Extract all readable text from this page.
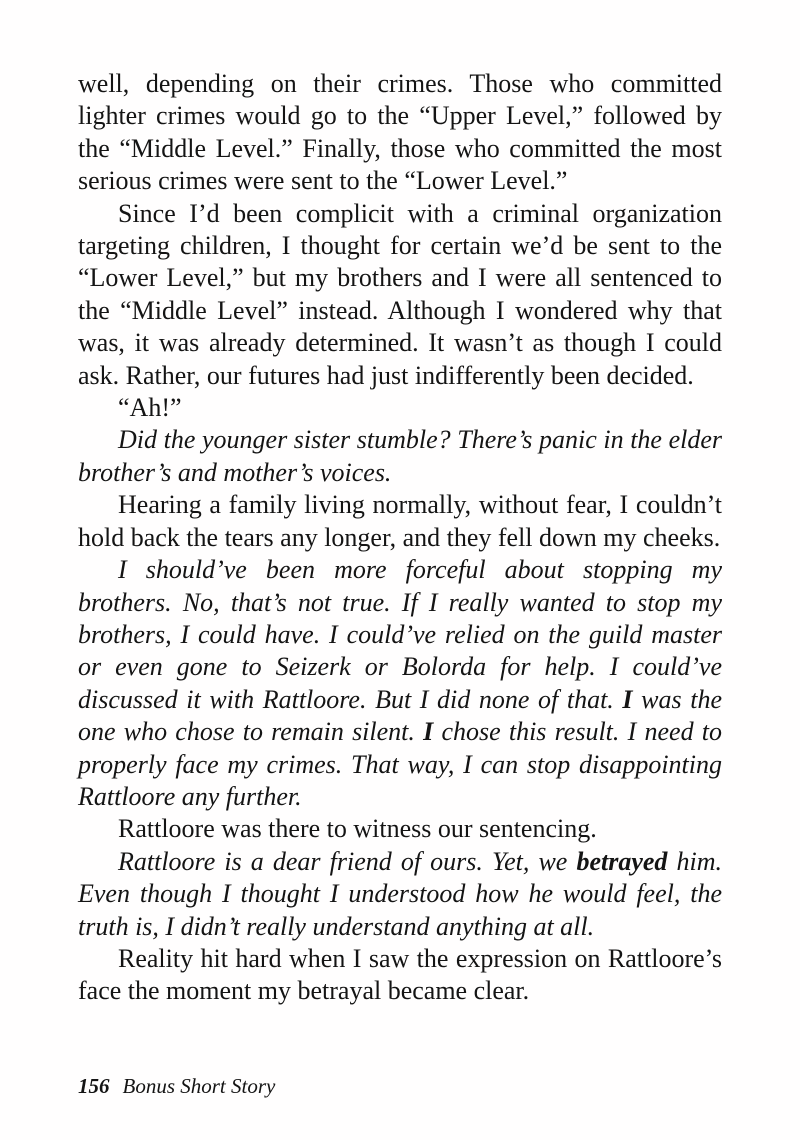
well, depending on their crimes. Those who committed lighter crimes would go to the “Upper Level,” followed by the “Middle Level.” Finally, those who committed the most serious crimes were sent to the “Lower Level.”

Since I’d been complicit with a criminal organization targeting children, I thought for certain we’d be sent to the “Lower Level,” but my brothers and I were all sentenced to the “Middle Level” instead. Although I wondered why that was, it was already determined. It wasn’t as though I could ask. Rather, our futures had just indifferently been decided.

“Ah!”

Did the younger sister stumble? There’s panic in the elder brother’s and mother’s voices.

Hearing a family living normally, without fear, I couldn’t hold back the tears any longer, and they fell down my cheeks.

I should’ve been more forceful about stopping my brothers. No, that’s not true. If I really wanted to stop my brothers, I could have. I could’ve relied on the guild master or even gone to Seizerk or Bolorda for help. I could’ve discussed it with Rattloore. But I did none of that. I was the one who chose to remain silent. I chose this result. I need to properly face my crimes. That way, I can stop disappointing Rattloore any further.

Rattloore was there to witness our sentencing.

Rattloore is a dear friend of ours. Yet, we betrayed him. Even though I thought I understood how he would feel, the truth is, I didn’t really understand anything at all.

Reality hit hard when I saw the expression on Rattloore’s face the moment my betrayal became clear.

156 Bonus Short Story
